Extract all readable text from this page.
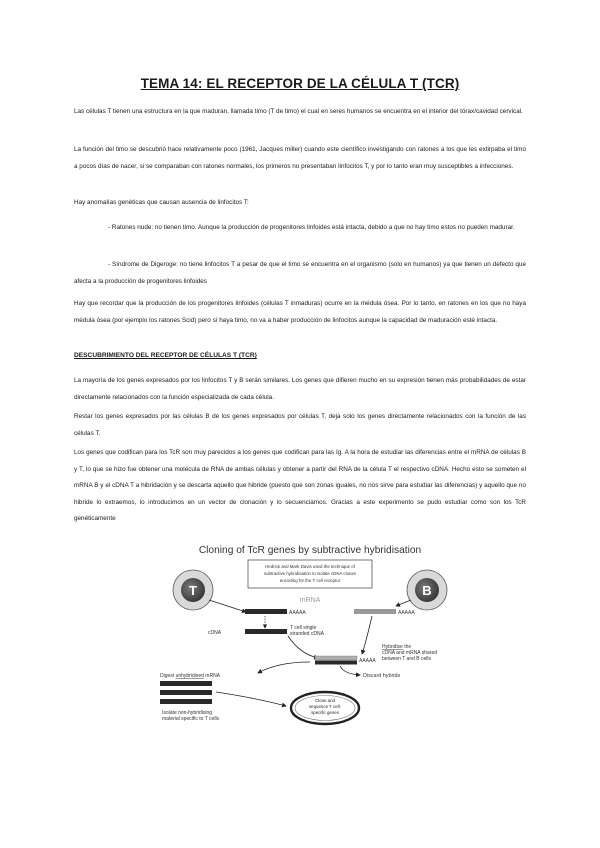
TEMA 14: EL RECEPTOR DE LA CÉLULA T (TCR)

Las células T tienen una estructura en la que maduran, llamada timo (T de timo) el cual en seres humanos se encuentra en el interior del tórax/cavidad cervical.

La función del timo se descubrió hace relativamente poco (1961, Jacques miller) cuando este científico investigando con ratones a los que les extirpaba el timo a pocos días de nacer, si se comparaban con ratones normales, los primeros no presentaban linfocitos T, y por lo tanto eran muy susceptibles a infecciones.

Hay anomalías genéticas que causan ausencia de linfocitos T:

- Ratones nude: no tienen timo. Aunque la producción de progenitores linfoides está intacta, debido a que no hay timo estos no pueden madurar.

- Síndrome de Digeroge: no tiene linfocitos T a pesar de que el timo se encuentra en el organismo (solo en humanos) ya que tienen un defecto que afecta a la producción de progenitores linfoides

Hay que recordar que la producción de los progenitores linfoides (células T inmaduras) ocurre en la médula ósea. Por lo tanto, en ratones en los que no haya médula ósea (por ejemplo los ratones Scid) pero sí haya timo, no va a haber producción de linfocitos aunque la capacidad de maduración esté intacta.

DESCUBRIMIENTO DEL RECEPTOR DE CÉLULAS T (TCR)

La mayoría de los genes expresados por los linfocitos T y B serán similares. Los genes que difieren mucho en su expresión tienen más probabilidades de estar directamente relacionados con la función especializada de cada célula.

Restar los genes expresados por las células B de los genes expresados por células T, deja solo los genes directamente relacionados con la función de las células T.

Los genes que codifican para los TcR son muy parecidos a los genes que codifican para las Ig. A la hora de estudiar las diferencias entre el mRNA de células B y T, lo que se hizo fue obtener una molécula de RNA de ambas células y obtener a partir del RNA de la célula T el respectivo cDNA. Hecho esto se someten el mRNA B y el cDNA T a hibridación y se descarta aquello que hibride (puesto que son zonas iguales, no nos sirve para estudiar las diferencias) y aquello que no hibride lo extraemos, lo introducimos en un vector de clonación y lo secuenciamos. Gracias a este experimento se pudo estudiar como son los TcR genéticamente

Cloning of TcR genes by subtractive hybridisation
Hedrick and Mark Davis used the technique of
subtractive hybridisation to isolate cDNA clones
encoding for the T cell receptor
T	B
mRNA
AAAAA	AAAAA
cDNA
T cell single
stranded cDNA
AAAAA
Hybridise the
cDNA and mRNA shared
between T and B cells
Discard hybrids
Digest unhybridised mRNA
Isolate non-hybridising
material specific to T cells
Clone and
sequence T cell-
specific genes
